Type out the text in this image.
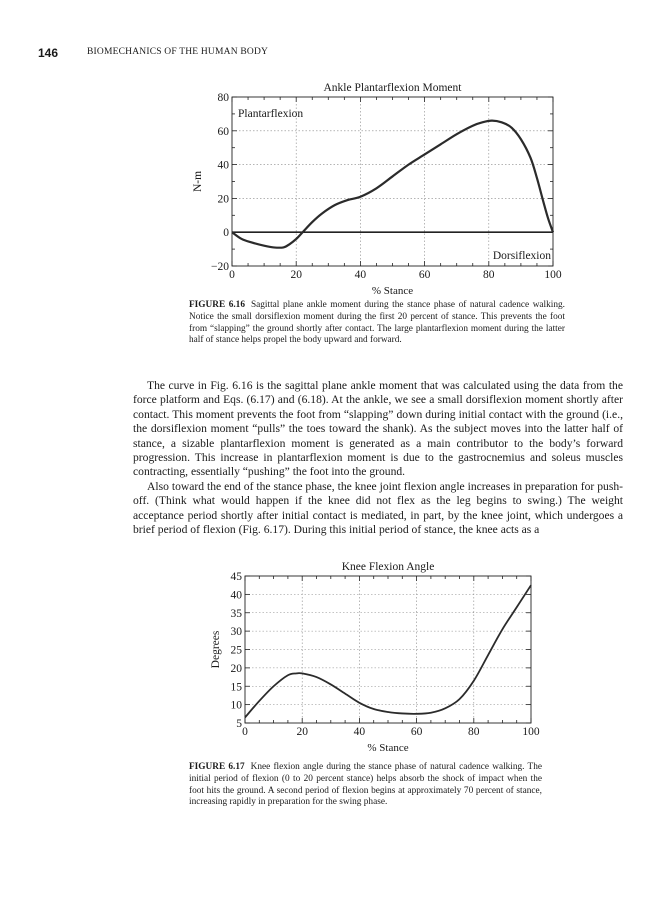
146	BIOMECHANICS OF THE HUMAN BODY
0	20	40	60	80	100
−20
0
20
40
60
80
Ankle Plantarflexion Moment
% Stance
N-m
Plantarflexion
Dorsiflexion
FIGURE 6.16 Sagittal plane ankle moment during the stance phase of natural cadence walking. Notice the small dorsiflexion moment during the first 20 percent of stance. This prevents the foot from “slapping” the ground shortly after contact. The large plantarflexion moment during the latter half of stance helps propel the body upward and forward.

The curve in Fig. 6.16 is the sagittal plane ankle moment that was calculated using the data from the force platform and Eqs. (6.17) and (6.18). At the ankle, we see a small dorsiflexion moment shortly after contact. This moment prevents the foot from “slapping” down during initial contact with the ground (i.e., the dorsiflexion moment “pulls” the toes toward the shank). As the subject moves into the latter half of stance, a sizable plantarflexion moment is generated as a main contributor to the body’s forward progression. This increase in plantarflexion moment is due to the gastrocnemius and soleus muscles contracting, essentially “pushing” the foot into the ground.

Also toward the end of the stance phase, the knee joint flexion angle increases in preparation for push-off. (Think what would happen if the knee did not flex as the leg begins to swing.) The weight acceptance period shortly after initial contact is mediated, in part, by the knee joint, which undergoes a brief period of flexion (Fig. 6.17). During this initial period of stance, the knee acts as a

0	20	40	60	80	100
5
10
15
20
25
30
35
40
45
Knee Flexion Angle
% Stance
Degrees
FIGURE 6.17 Knee flexion angle during the stance phase of natural cadence walking. The initial period of flexion (0 to 20 percent stance) helps absorb the shock of impact when the foot hits the ground. A second period of flexion begins at approximately 70 percent of stance, increasing rapidly in preparation for the swing phase.
